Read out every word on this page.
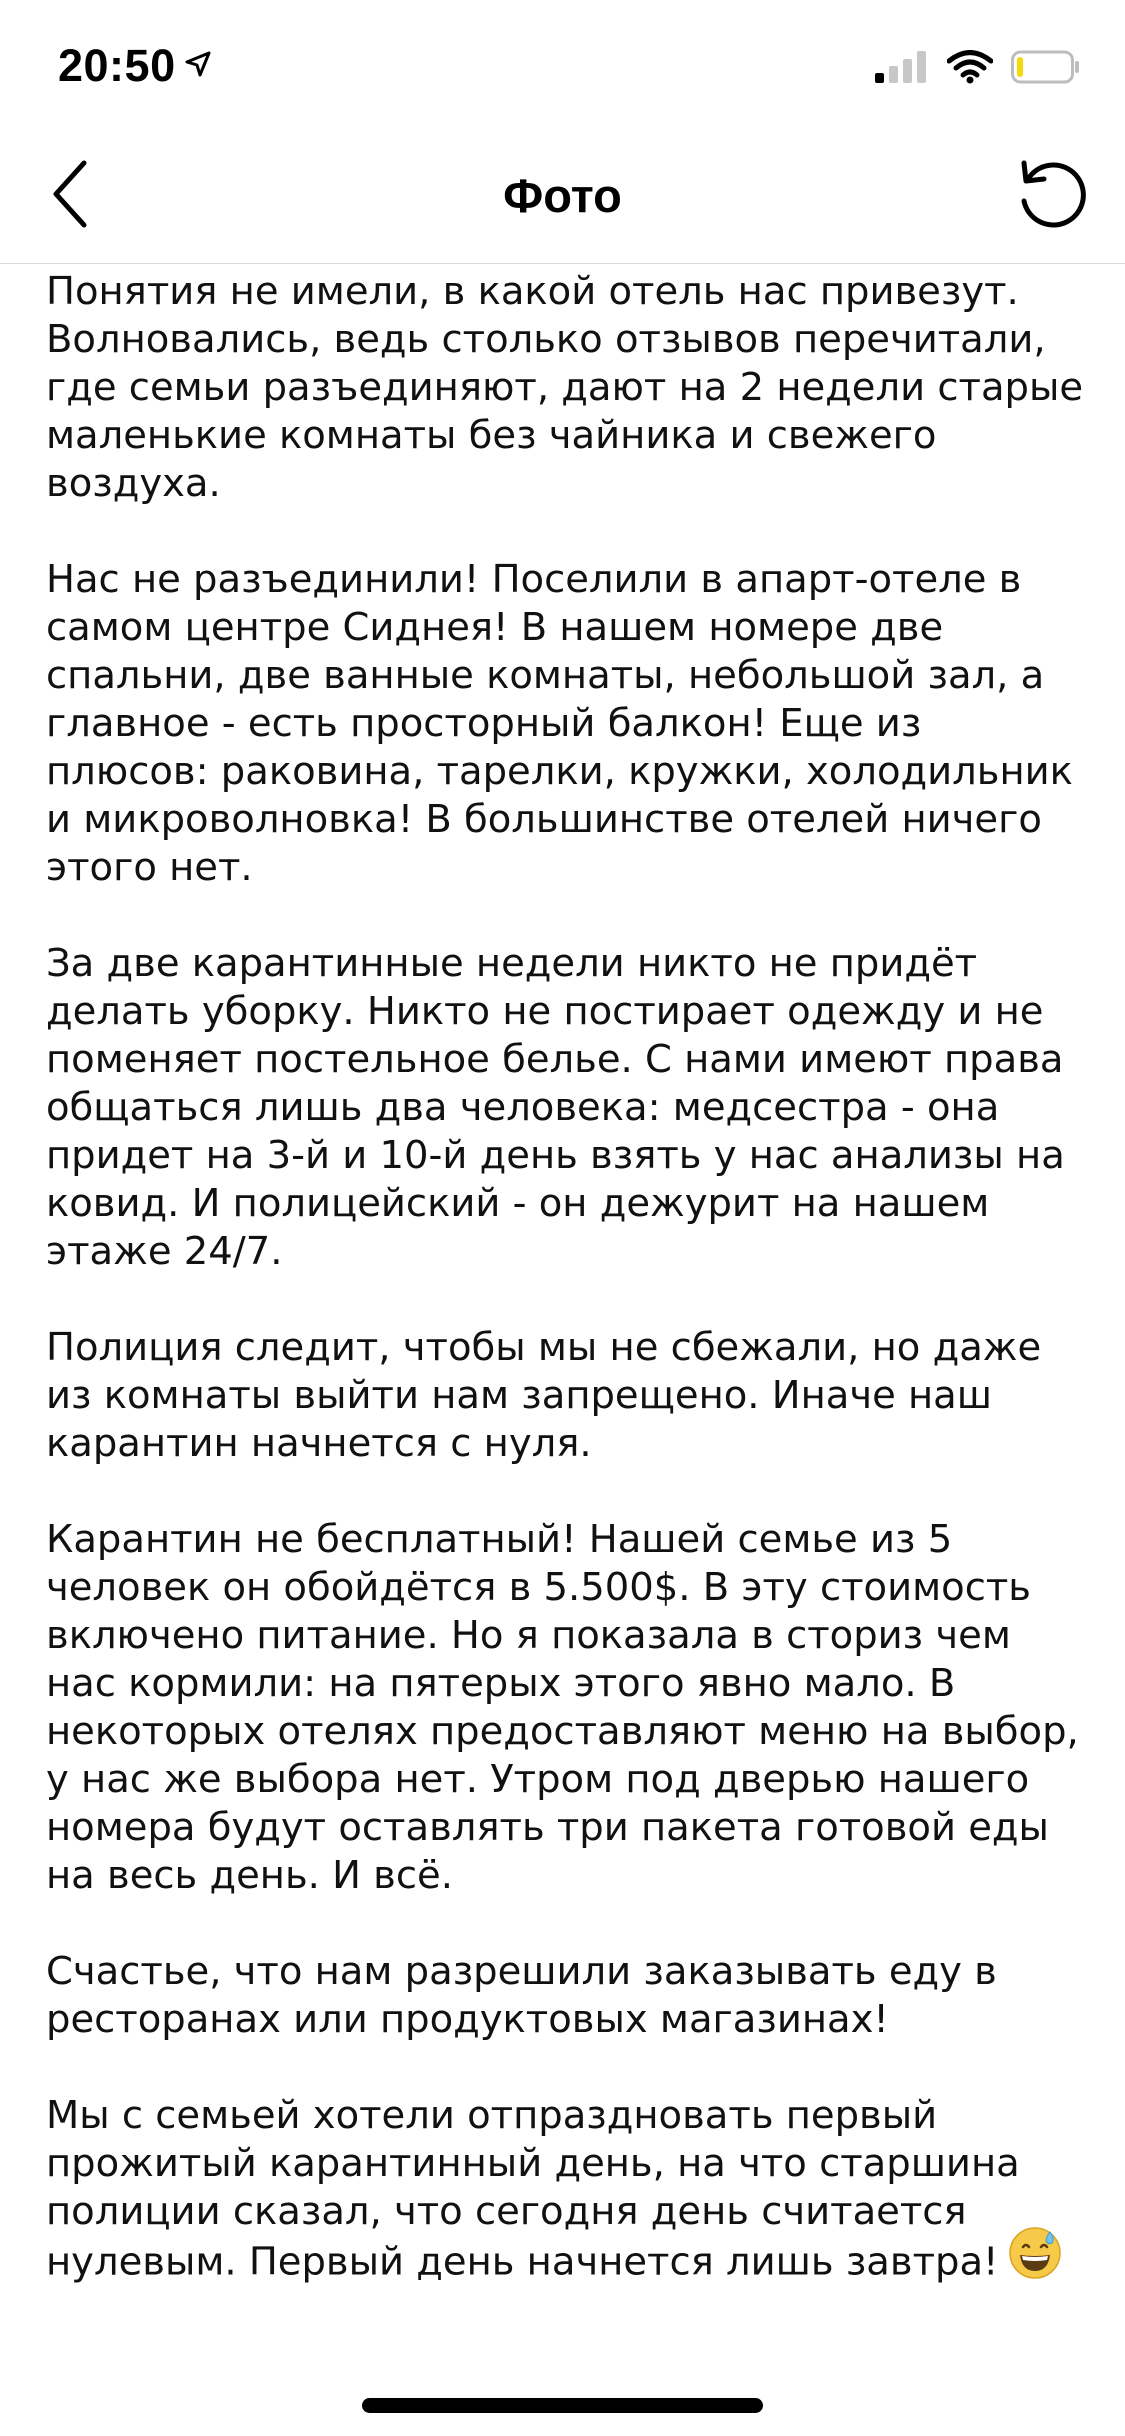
20:50
Фото

Понятия не имели, в какой отель нас привезут.
Волновались, ведь столько отзывов перечитали,
где семьи разъединяют, дают на 2 недели старые
маленькие комнаты без чайника и свежего
воздуха.

Нас не разъединили! Поселили в апарт-отеле в
самом центре Сиднея! В нашем номере две
спальни, две ванные комнаты, небольшой зал, а
главное - есть просторный балкон! Еще из
плюсов: раковина, тарелки, кружки, холодильник
и микроволновка! В большинстве отелей ничего
этого нет.

За две карантинные недели никто не придёт
делать уборку. Никто не постирает одежду и не
поменяет постельное белье. С нами имеют права
общаться лишь два человека: медсестра - она
придет на 3-й и 10-й день взять у нас анализы на
ковид. И полицейский - он дежурит на нашем
этаже 24/7.

Полиция следит, чтобы мы не сбежали, но даже
из комнаты выйти нам запрещено. Иначе наш
карантин начнется с нуля.

Карантин не бесплатный! Нашей семье из 5
человек он обойдётся в 5.500$. В эту стоимость
включено питание. Но я показала в сториз чем
нас кормили: на пятерых этого явно мало. В
некоторых отелях предоставляют меню на выбор,
у нас же выбора нет. Утром под дверью нашего
номера будут оставлять три пакета готовой еды
на весь день. И всё.

Счастье, что нам разрешили заказывать еду в
ресторанах или продуктовых магазинах!

Мы с семьей хотели отпраздновать первый
прожитый карантинный день, на что старшина
полиции сказал, что сегодня день считается
нулевым. Первый день начнется лишь завтра!
